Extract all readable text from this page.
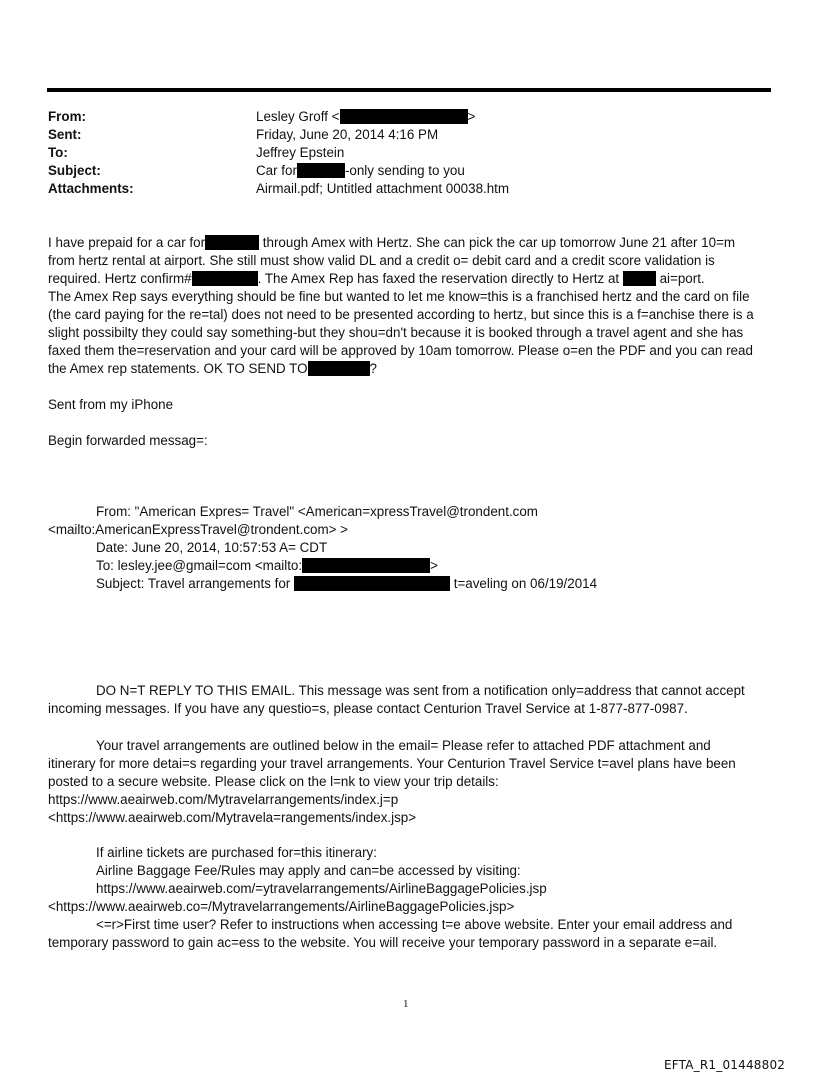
From:	Lesley Groff <	>
Sent:	Friday, June 20, 2014 4:16 PM
To:	Jeffrey Epstein
Subject:	Car for	-only sending to you
Attachments:	Airmail.pdf; Untitled attachment 00038.htm
I have prepaid for a car for	through Amex with Hertz. She can pick the car up tomorrow June 21 after 10=m
from hertz rental at airport. She still must show valid DL and a credit o= debit card and a credit score validation is
required. Hertz confirm#	. The Amex Rep has faxed the reservation directly to Hertz at	ai=port.
The Amex Rep says everything should be fine but wanted to let me know=this is a franchised hertz and the card on file
(the card paying for the re=tal) does not need to be presented according to hertz, but since this is a f=anchise there is a
slight possibilty they could say something-but they shou=dn't because it is booked through a travel agent and she has
faxed them the=reservation and your card will be approved by 10am tomorrow. Please o=en the PDF and you can read
the Amex rep statements. OK TO SEND TO	?
Sent from my iPhone
Begin forwarded messag=:
From: "American Expres= Travel" <American=xpressTravel@trondent.com
<mailto:AmericanExpressTravel@trondent.com> >
Date: June 20, 2014, 10:57:53 A= CDT
To: lesley.jee@gmail=com <mailto:	>
Subject: Travel arrangements for	t=aveling on 06/19/2014
DO N=T REPLY TO THIS EMAIL. This message was sent from a notification only=address that cannot accept
incoming messages. If you have any questio=s, please contact Centurion Travel Service at 1-877-877-0987.
Your travel arrangements are outlined below in the email= Please refer to attached PDF attachment and
itinerary for more detai=s regarding your travel arrangements. Your Centurion Travel Service t=avel plans have been
posted to a secure website. Please click on the l=nk to view your trip details:
https://www.aeairweb.com/Mytravelarrangements/index.j=p
<https://www.aeairweb.com/Mytravela=rangements/index.jsp>
If airline tickets are purchased for=this itinerary:
Airline Baggage Fee/Rules may apply and can=be accessed by visiting:
https://www.aeairweb.com/=ytravelarrangements/AirlineBaggagePolicies.jsp
<https://www.aeairweb.co=/Mytravelarrangements/AirlineBaggagePolicies.jsp>
<=r>First time user? Refer to instructions when accessing t=e above website. Enter your email address and
temporary password to gain ac=ess to the website. You will receive your temporary password in a separate e=ail.
1
EFTA_R1_01448802
